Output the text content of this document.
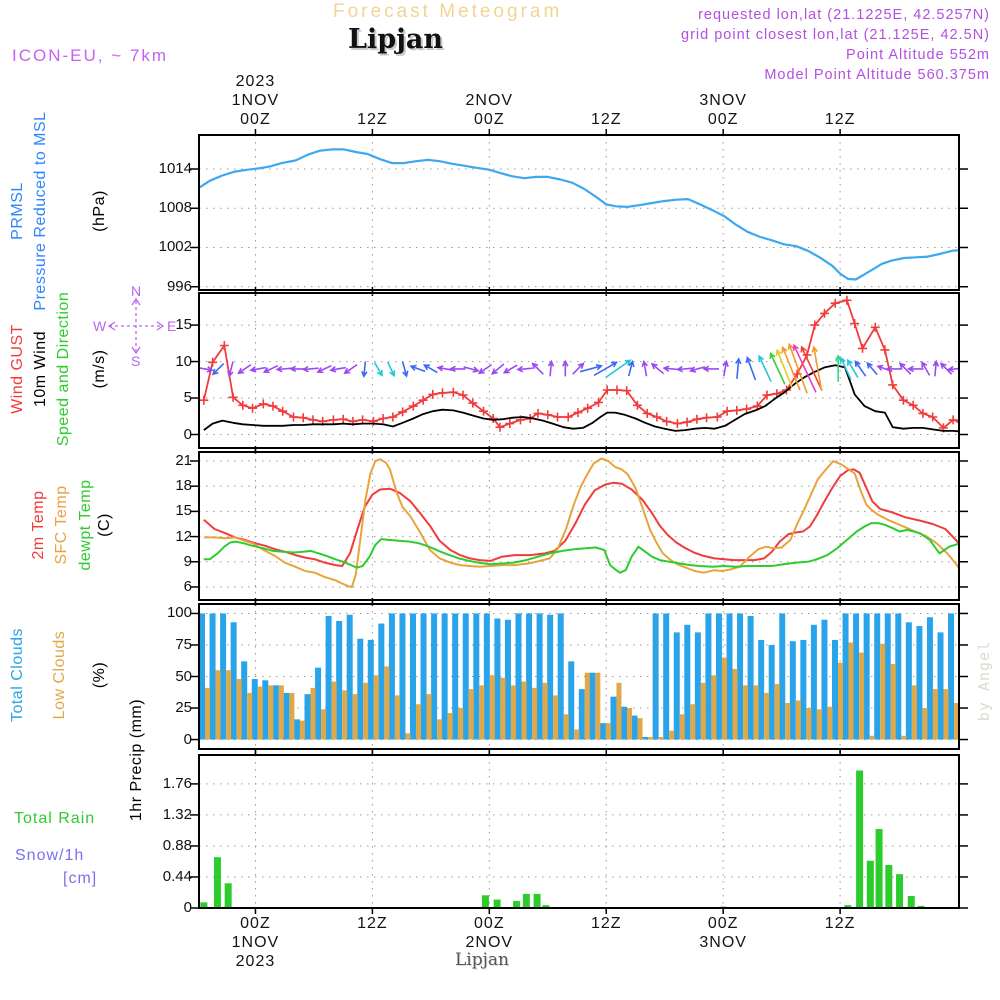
Forecast Meteogram
Lipjan
ICON-EU, ~ 7km
requested lon,lat (21.1225E, 42.5257N)
grid point closest lon,lat (21.125E, 42.5N)
Point Altitude 552m
Model Point Altitude 560.375m
PRMSL Pressure Reduced to MSL	(hPa)
Wind GUST 10m Wind Speed and Direction (m/s)
2m Temp SFC Temp dewpt Temp (C)
Total Clouds Low Clouds (%)
1hr Precip (mm)
Total Rain
Snow/1h
[cm]
N
S
W	E
1014
1008
1002
996
15
10
5
0
21
18
15
12
9
6
100
75
50
25
0
1.76
1.32
0.88
0.44
0
2023
1NOV
00Z	12Z
2NOV
00Z	12Z
3NOV
00Z	12Z
00Z
1NOV
2023
12Z	00Z
2NOV
12Z	00Z
3NOV
12Z
by Angel
Lipjan
